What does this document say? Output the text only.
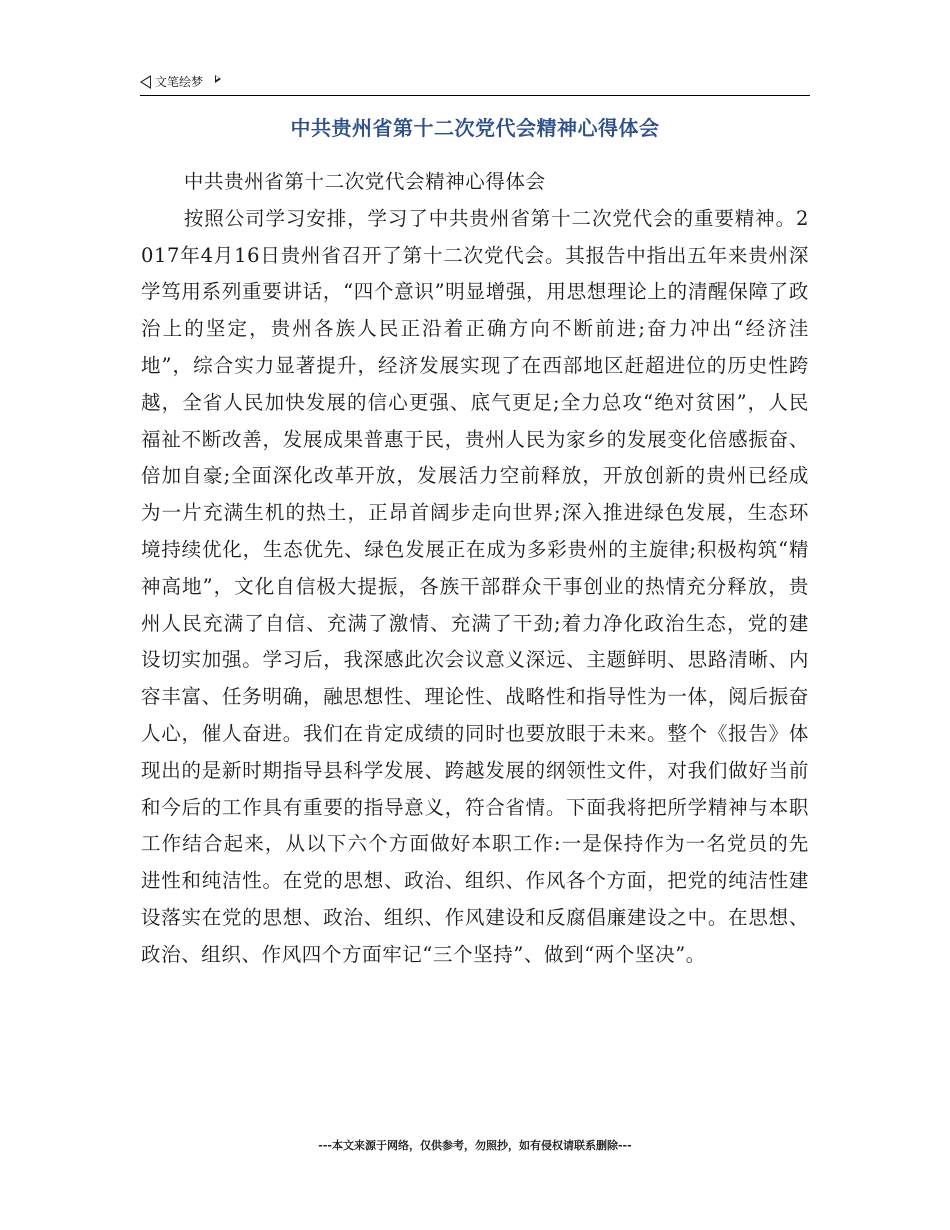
文笔绘梦
中共贵州省第十二次党代会精神心得体会

中共贵州省第十二次党代会精神心得体会

按照公司学习安排，学习了中共贵州省第十二次党代会的重要精神。2017年4月16日贵州省召开了第十二次党代会。其报告中指出五年来贵州深学笃用系列重要讲话，“四个意识”明显增强，用思想理论上的清醒保障了政治上的坚定，贵州各族人民正沿着正确方向不断前进;奋力冲出“经济洼地”，综合实力显著提升，经济发展实现了在西部地区赶超进位的历史性跨越，全省人民加快发展的信心更强、底气更足;全力总攻“绝对贫困”，人民福祉不断改善，发展成果普惠于民，贵州人民为家乡的发展变化倍感振奋、倍加自豪;全面深化改革开放，发展活力空前释放，开放创新的贵州已经成为一片充满生机的热土，正昂首阔步走向世界;深入推进绿色发展，生态环境持续优化，生态优先、绿色发展正在成为多彩贵州的主旋律;积极构筑“精神高地”，文化自信极大提振，各族干部群众干事创业的热情充分释放，贵州人民充满了自信、充满了激情、充满了干劲;着力净化政治生态，党的建设切实加强。学习后，我深感此次会议意义深远、主题鲜明、思路清晰、内容丰富、任务明确，融思想性、理论性、战略性和指导性为一体，阅后振奋人心，催人奋进。我们在肯定成绩的同时也要放眼于未来。整个《报告》体现出的是新时期指导县科学发展、跨越发展的纲领性文件，对我们做好当前和今后的工作具有重要的指导意义，符合省情。下面我将把所学精神与本职工作结合起来，从以下六个方面做好本职工作:一是保持作为一名党员的先进性和纯洁性。在党的思想、政治、组织、作风各个方面，把党的纯洁性建设落实在党的思想、政治、组织、作风建设和反腐倡廉建设之中。在思想、政治、组织、作风四个方面牢记“三个坚持”、做到“两个坚决”。

---本文来源于网络，仅供参考，勿照抄，如有侵权请联系删除---
